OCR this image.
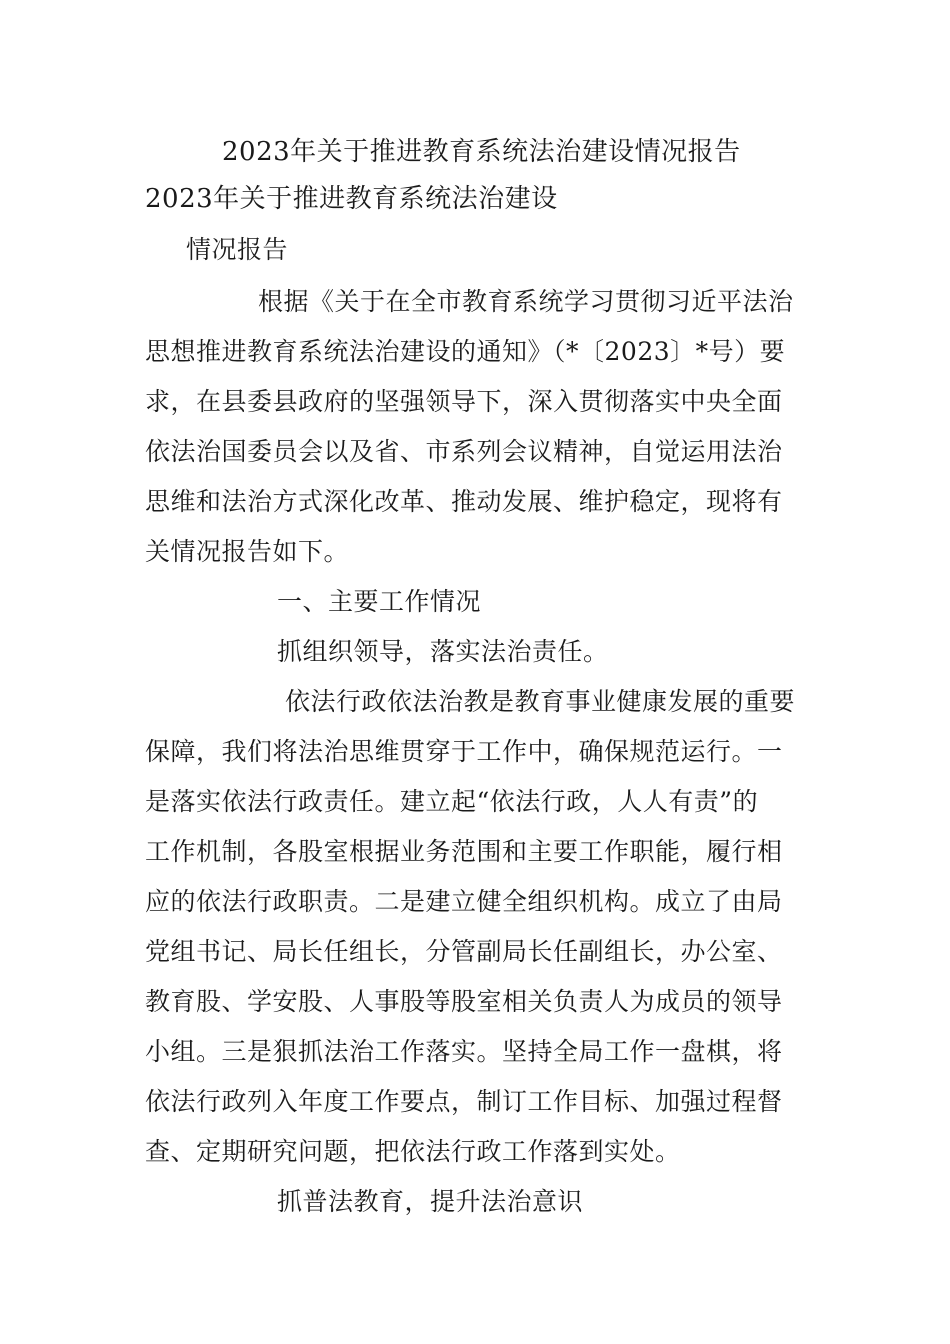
2023年关于推进教育系统法治建设情况报告
2023年关于推进教育系统法治建设
情况报告
根据《关于在全市教育系统学习贯彻习近平法治
思想推进教育系统法治建设的通知》（*〔2023〕*号）要
求，在县委县政府的坚强领导下，深入贯彻落实中央全面
依法治国委员会以及省、市系列会议精神，自觉运用法治
思维和法治方式深化改革、推动发展、维护稳定，现将有
关情况报告如下。
一、主要工作情况
抓组织领导，落实法治责任。
依法行政依法治教是教育事业健康发展的重要
保障，我们将法治思维贯穿于工作中，确保规范运行。一
是落实依法行政责任。建立起“依法行政，人人有责”的
工作机制，各股室根据业务范围和主要工作职能，履行相
应的依法行政职责。二是建立健全组织机构。成立了由局
党组书记、局长任组长，分管副局长任副组长，办公室、
教育股、学安股、人事股等股室相关负责人为成员的领导
小组。三是狠抓法治工作落实。坚持全局工作一盘棋，将
依法行政列入年度工作要点，制订工作目标、加强过程督
查、定期研究问题，把依法行政工作落到实处。
抓普法教育，提升法治意识
